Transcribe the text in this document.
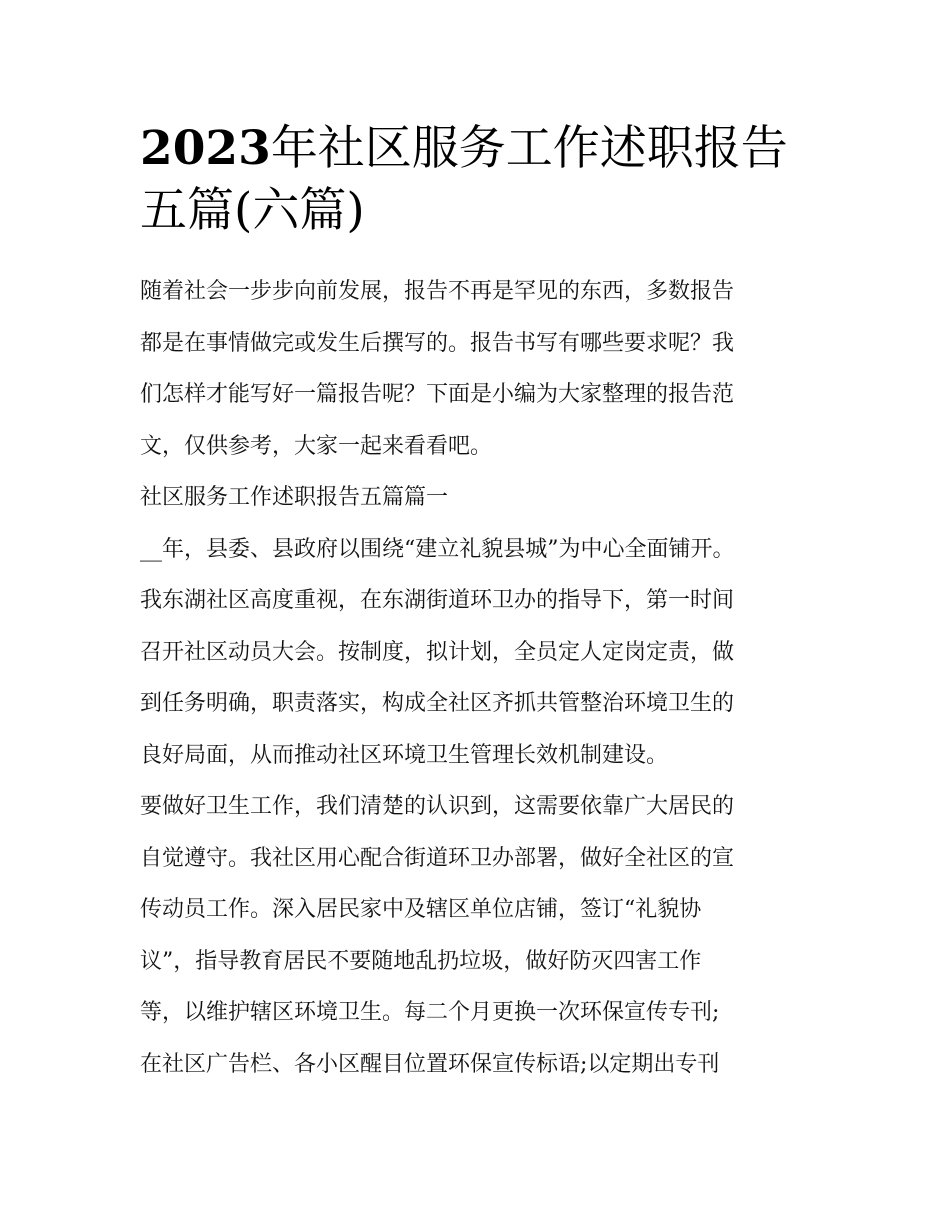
2023年社区服务工作述职报告
五篇(六篇)
随着社会一步步向前发展，报告不再是罕见的东西，多数报告
都是在事情做完或发生后撰写的。报告书写有哪些要求呢？我
们怎样才能写好一篇报告呢？下面是小编为大家整理的报告范
文，仅供参考，大家一起来看看吧。
社区服务工作述职报告五篇篇一
__年，县委、县政府以围绕“建立礼貌县城”为中心全面铺开。
我东湖社区高度重视，在东湖街道环卫办的指导下，第一时间
召开社区动员大会。按制度，拟计划，全员定人定岗定责，做
到任务明确，职责落实，构成全社区齐抓共管整治环境卫生的
良好局面，从而推动社区环境卫生管理长效机制建设。
要做好卫生工作，我们清楚的认识到，这需要依靠广大居民的
自觉遵守。我社区用心配合街道环卫办部署，做好全社区的宣
传动员工作。深入居民家中及辖区单位店铺，签订“礼貌协
议”，指导教育居民不要随地乱扔垃圾，做好防灭四害工作
等，以维护辖区环境卫生。每二个月更换一次环保宣传专刊;
在社区广告栏、各小区醒目位置环保宣传标语;以定期出专刊
